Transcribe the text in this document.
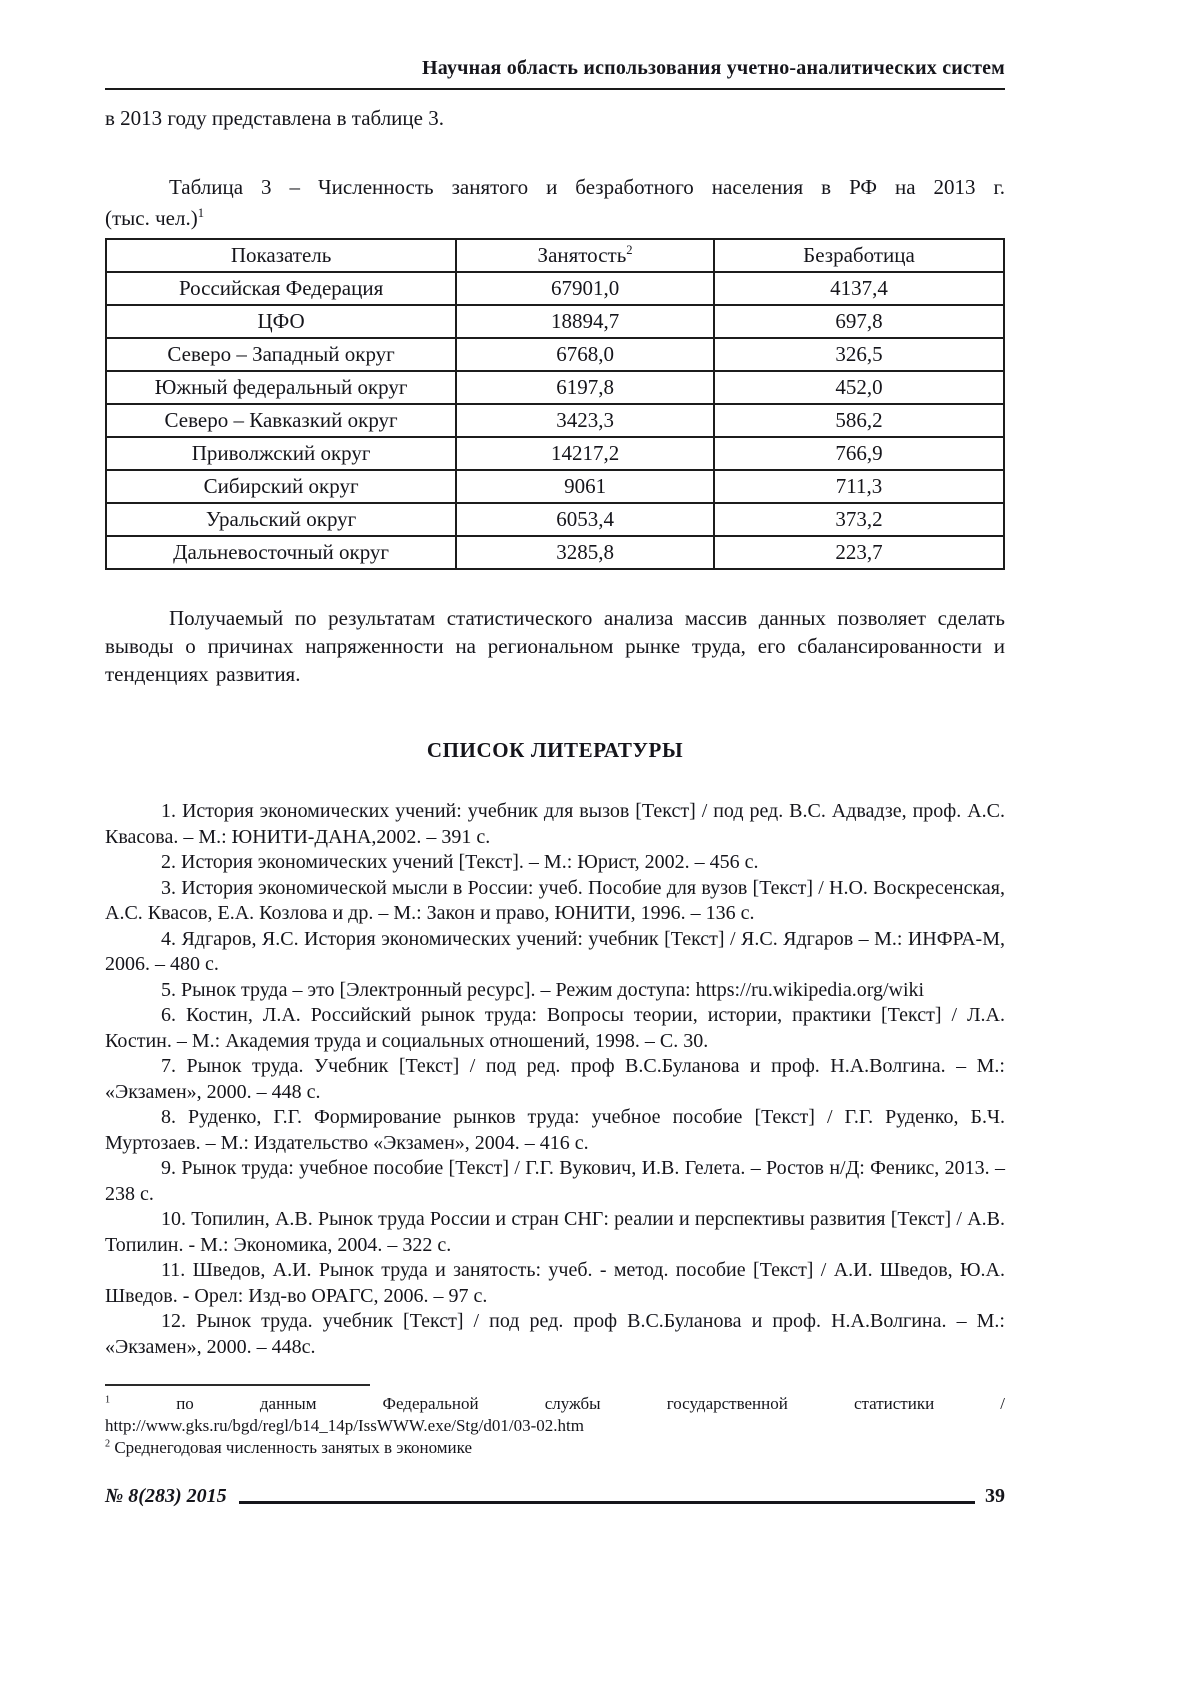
Научная область использования учетно-аналитических систем

в 2013 году представлена в таблице 3.

Таблица 3 – Численность занятого и безработного населения в РФ на 2013 г.
(тыс. чел.)$^1$
Показатель	Занятость$^2$	Безработица
Российская Федерация	67901,0	4137,4
ЦФО	18894,7	697,8
Северо – Западный округ	6768,0	326,5
Южный федеральный округ	6197,8	452,0
Северо – Кавказкий округ	3423,3	586,2
Приволжский округ	14217,2	766,9
Сибирский округ	9061	711,3
Уральский округ	6053,4	373,2
Дальневосточный округ	3285,8	223,7

Получаемый по результатам статистического анализа массив данных позволяет сделать выводы о причинах напряженности на региональном рынке труда, его сбалансированности и тенденциях развития.

СПИСОК ЛИТЕРАТУРЫ

1. История экономических учений: учебник для вызов [Текст] / под ред. В.С. Адвадзе, проф. А.С. Квасова. – М.: ЮНИТИ-ДАНА,2002. – 391 с.

2. История экономических учений [Текст]. – М.: Юрист, 2002. – 456 с.

3. История экономической мысли в России: учеб. Пособие для вузов [Текст] / Н.О. Воскресенская, А.С. Квасов, Е.А. Козлова и др. – М.: Закон и право, ЮНИТИ, 1996. – 136 с.

4. Ядгаров, Я.С. История экономических учений: учебник [Текст] / Я.С. Ядгаров – М.: ИНФРА-М, 2006. – 480 с.

5. Рынок труда – это [Электронный ресурс]. – Режим доступа: https://ru.wikipedia.org/wiki

6. Костин, Л.А. Российский рынок труда: Вопросы теории, истории, практики [Текст] / Л.А. Костин. – М.: Академия труда и социальных отношений, 1998. – С. 30.

7. Рынок труда. Учебник [Текст] / под ред. проф В.С.Буланова и проф. Н.А.Волгина. – М.: «Экзамен», 2000. – 448 с.

8. Руденко, Г.Г. Формирование рынков труда: учебное пособие [Текст] / Г.Г. Руденко, Б.Ч. Муртозаев. – М.: Издательство «Экзамен», 2004. – 416 с.

9. Рынок труда: учебное пособие [Текст] / Г.Г. Вукович, И.В. Гелета. – Ростов н/Д: Феникс, 2013. – 238 с.

10. Топилин, А.В. Рынок труда России и стран СНГ: реалии и перспективы развития [Текст] / А.В. Топилин. - М.: Экономика, 2004. – 322 с.

11. Шведов, А.И. Рынок труда и занятость: учеб. - метод. пособие [Текст] / А.И. Шведов, Ю.А. Шведов. - Орел: Изд-во ОРАГС, 2006. – 97 с.

12. Рынок труда. учебник [Текст] / под ред. проф В.С.Буланова и проф. Н.А.Волгина. – М.: «Экзамен», 2000. – 448с.

$^1$	по данным Федеральной службы государственной статистики / http://www.gks.ru/bgd/regl/b14_14p/IssWWW.exe/Stg/d01/03-02.htm

$^2$ Среднегодовая численность занятых в экономике

№ 8(283) 2015	39
